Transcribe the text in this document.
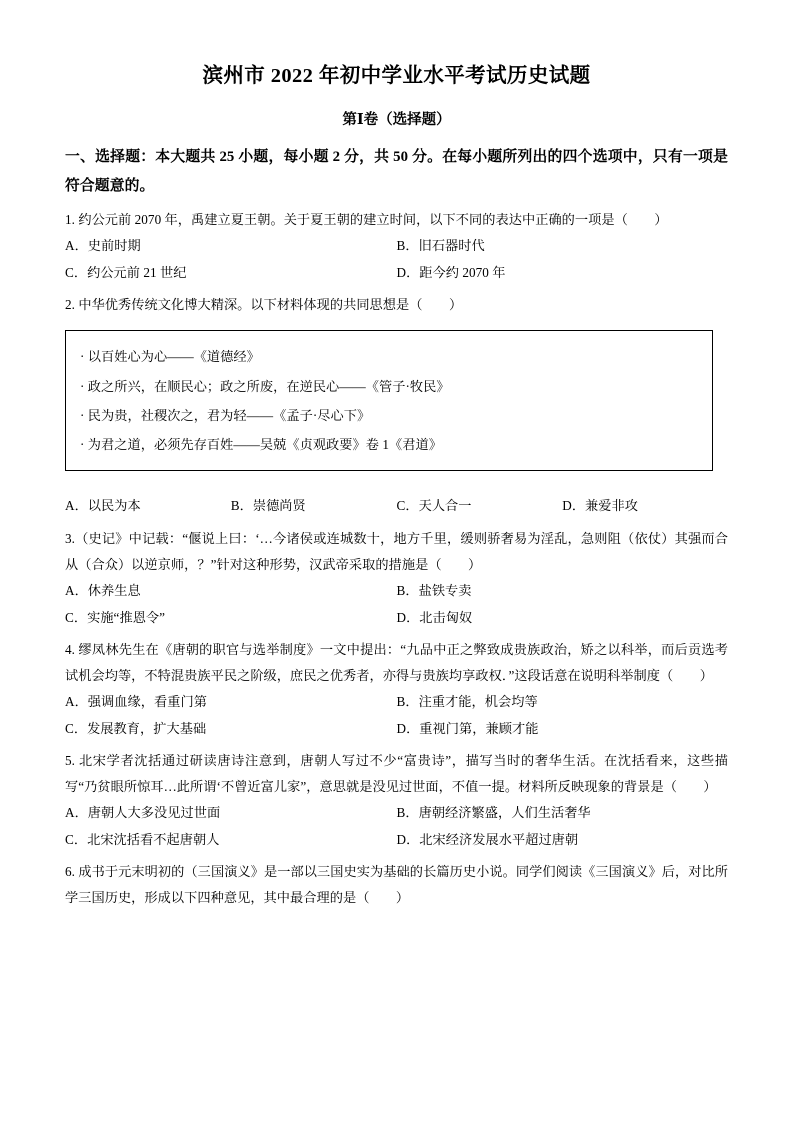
滨州市 2022 年初中学业水平考试历史试题
第Ⅰ卷（选择题）
一、选择题：本大题共 25 小题，每小题 2 分，共 50 分。在每小题所列出的四个选项中，只有一项是符合题意的。
1. 约公元前 2070 年，禹建立夏王朝。关于夏王朝的建立时间，以下不同的表达中正确的一项是（　　）
A．史前时期	B．旧石器时代
C．约公元前 21 世纪	D．距今约 2070 年
2. 中华优秀传统文化博大精深。以下材料体现的共同思想是（　　）
· 以百姓心为心——《道德经》
· 政之所兴，在顺民心；政之所废，在逆民心——《管子·牧民》
· 民为贵，社稷次之，君为轻——《孟子·尽心下》
· 为君之道，必须先存百姓——吴兢《贞观政要》卷 1《君道》
A．以民为本	B．崇德尚贤	C．天人合一	D．兼爱非攻
3.（史记》中记载：“偃说上曰：‘…今诸侯或连城数十，地方千里，缓则骄奢易为淫乱，急则阻（依仗）其强而合从（合众）以逆京师，？”针对这种形势，汉武帝采取的措施是（　　）
A．休养生息	B．盐铁专卖
C．实施“推恩令”	D．北击匈奴
4. 缪凤林先生在《唐朝的职官与选举制度》一文中提出：“九品中正之弊致成贵族政治，矫之以科举，而后贡选考试机会均等，不特混贵族平民之阶级，庶民之优秀者，亦得与贵族均享政权．”这段话意在说明科举制度（　　）
A．强调血缘，看重门第	B．注重才能，机会均等
C．发展教育，扩大基础	D．重视门第，兼顾才能
5. 北宋学者沈括通过研读唐诗注意到，唐朝人写过不少“富贵诗”，描写当时的奢华生活。在沈括看来，这些描写“乃贫眼所惊耳…此所谓‘不曾近富儿家”，意思就是没见过世面，不值一提。材料所反映现象的背景是（　　）
A．唐朝人大多没见过世面	B．唐朝经济繁盛，人们生活奢华
C．北宋沈括看不起唐朝人	D．北宋经济发展水平超过唐朝
6. 成书于元末明初的（三国演义》是一部以三国史实为基础的长篇历史小说。同学们阅读《三国演义》后，对比所学三国历史，形成以下四种意见，其中最合理的是（　　）
